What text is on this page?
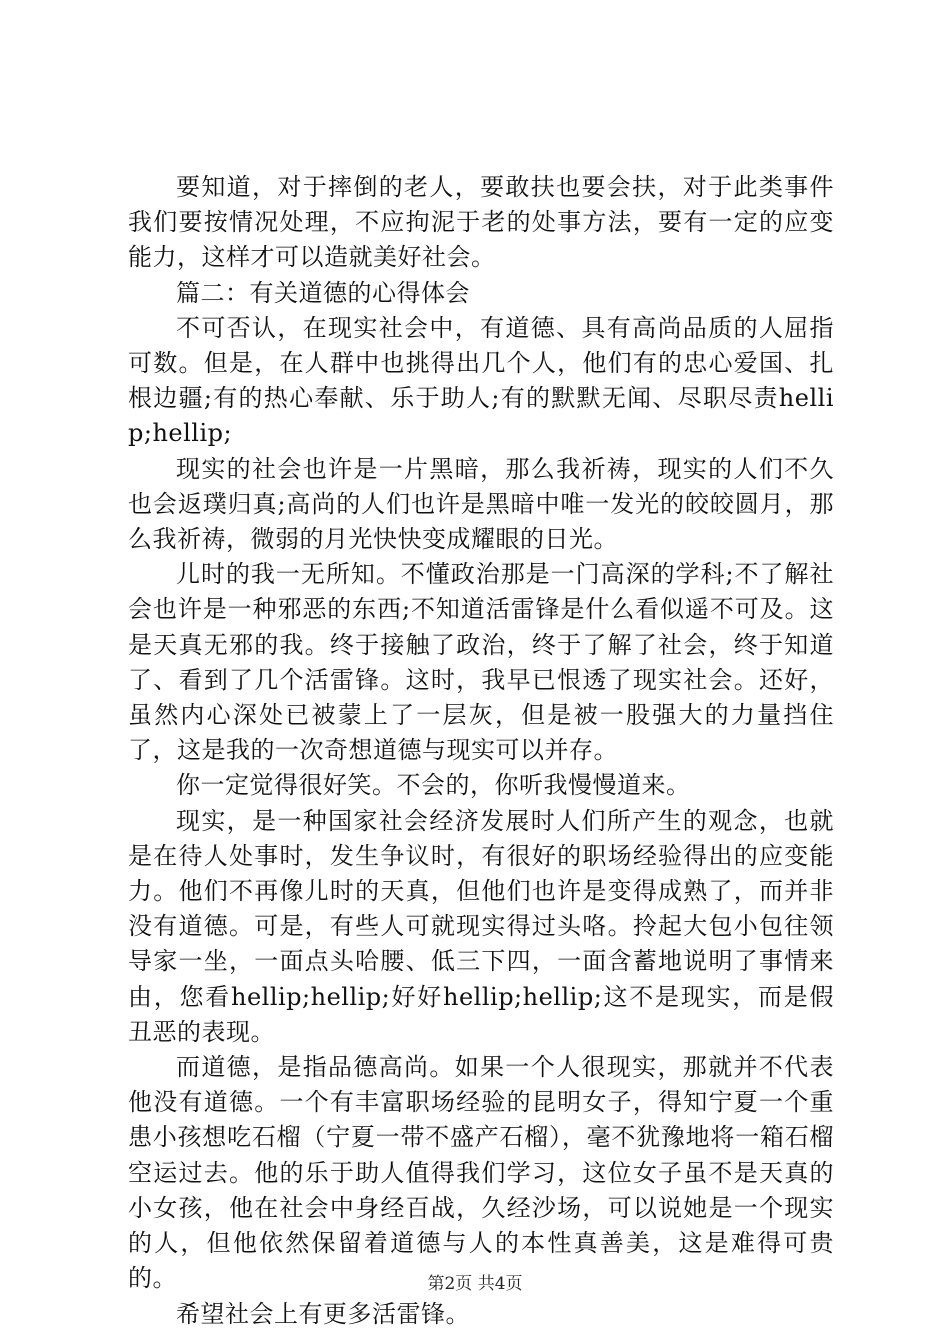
要知道，对于摔倒的老人，要敢扶也要会扶，对于此类事件我们要按情况处理，不应拘泥于老的处事方法，要有一定的应变能力，这样才可以造就美好社会。

篇二：有关道德的心得体会

不可否认，在现实社会中，有道德、具有高尚品质的人屈指可数。但是，在人群中也挑得出几个人，他们有的忠心爱国、扎根边疆;有的热心奉献、乐于助人;有的默默无闻、尽职尽责hellip;hellip;

现实的社会也许是一片黑暗，那么我祈祷，现实的人们不久也会返璞归真;高尚的人们也许是黑暗中唯一发光的皎皎圆月，那么我祈祷，微弱的月光快快变成耀眼的日光。

儿时的我一无所知。不懂政治那是一门高深的学科;不了解社会也许是一种邪恶的东西;不知道活雷锋是什么看似遥不可及。这是天真无邪的我。终于接触了政治，终于了解了社会，终于知道了、看到了几个活雷锋。这时，我早已恨透了现实社会。还好，虽然内心深处已被蒙上了一层灰，但是被一股强大的力量挡住了，这是我的一次奇想道德与现实可以并存。

你一定觉得很好笑。不会的，你听我慢慢道来。

现实，是一种国家社会经济发展时人们所产生的观念，也就是在待人处事时，发生争议时，有很好的职场经验得出的应变能力。他们不再像儿时的天真，但他们也许是变得成熟了，而并非没有道德。可是，有些人可就现实得过头咯。拎起大包小包往领导家一坐，一面点头哈腰、低三下四，一面含蓄地说明了事情来由，您看hellip;hellip;好好hellip;hellip;这不是现实，而是假丑恶的表现。

而道德，是指品德高尚。如果一个人很现实，那就并不代表他没有道德。一个有丰富职场经验的昆明女子，得知宁夏一个重患小孩想吃石榴（宁夏一带不盛产石榴），毫不犹豫地将一箱石榴空运过去。他的乐于助人值得我们学习，这位女子虽不是天真的小女孩，他在社会中身经百战，久经沙场，可以说她是一个现实的人，但他依然保留着道德与人的本性真善美，这是难得可贵的。

希望社会上有更多活雷锋。

第2页 共4页
